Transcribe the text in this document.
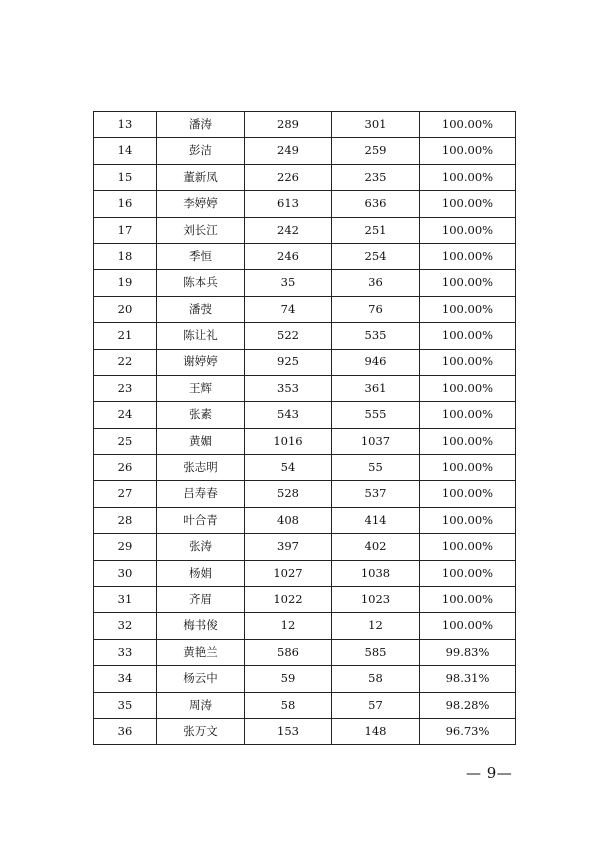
13	潘涛	289	301	100.00%
14	彭洁	249	259	100.00%
15	董新凤	226	235	100.00%
16	李婷婷	613	636	100.00%
17	刘长江	242	251	100.00%
18	季恒	246	254	100.00%
19	陈本兵	35	36	100.00%
20	潘弢	74	76	100.00%
21	陈让礼	522	535	100.00%
22	谢婷婷	925	946	100.00%
23	王辉	353	361	100.00%
24	张素	543	555	100.00%
25	黄媚	1016	1037	100.00%
26	张志明	54	55	100.00%
27	吕寿春	528	537	100.00%
28	叶合青	408	414	100.00%
29	张涛	397	402	100.00%
30	杨娟	1027	1038	100.00%
31	齐眉	1022	1023	100.00%
32	梅书俊	12	12	100.00%
33	黄艳兰	586	585	99.83%
34	杨云中	59	58	98.31%
35	周涛	58	57	98.28%
36	张万文	153	148	96.73%
— 9—
